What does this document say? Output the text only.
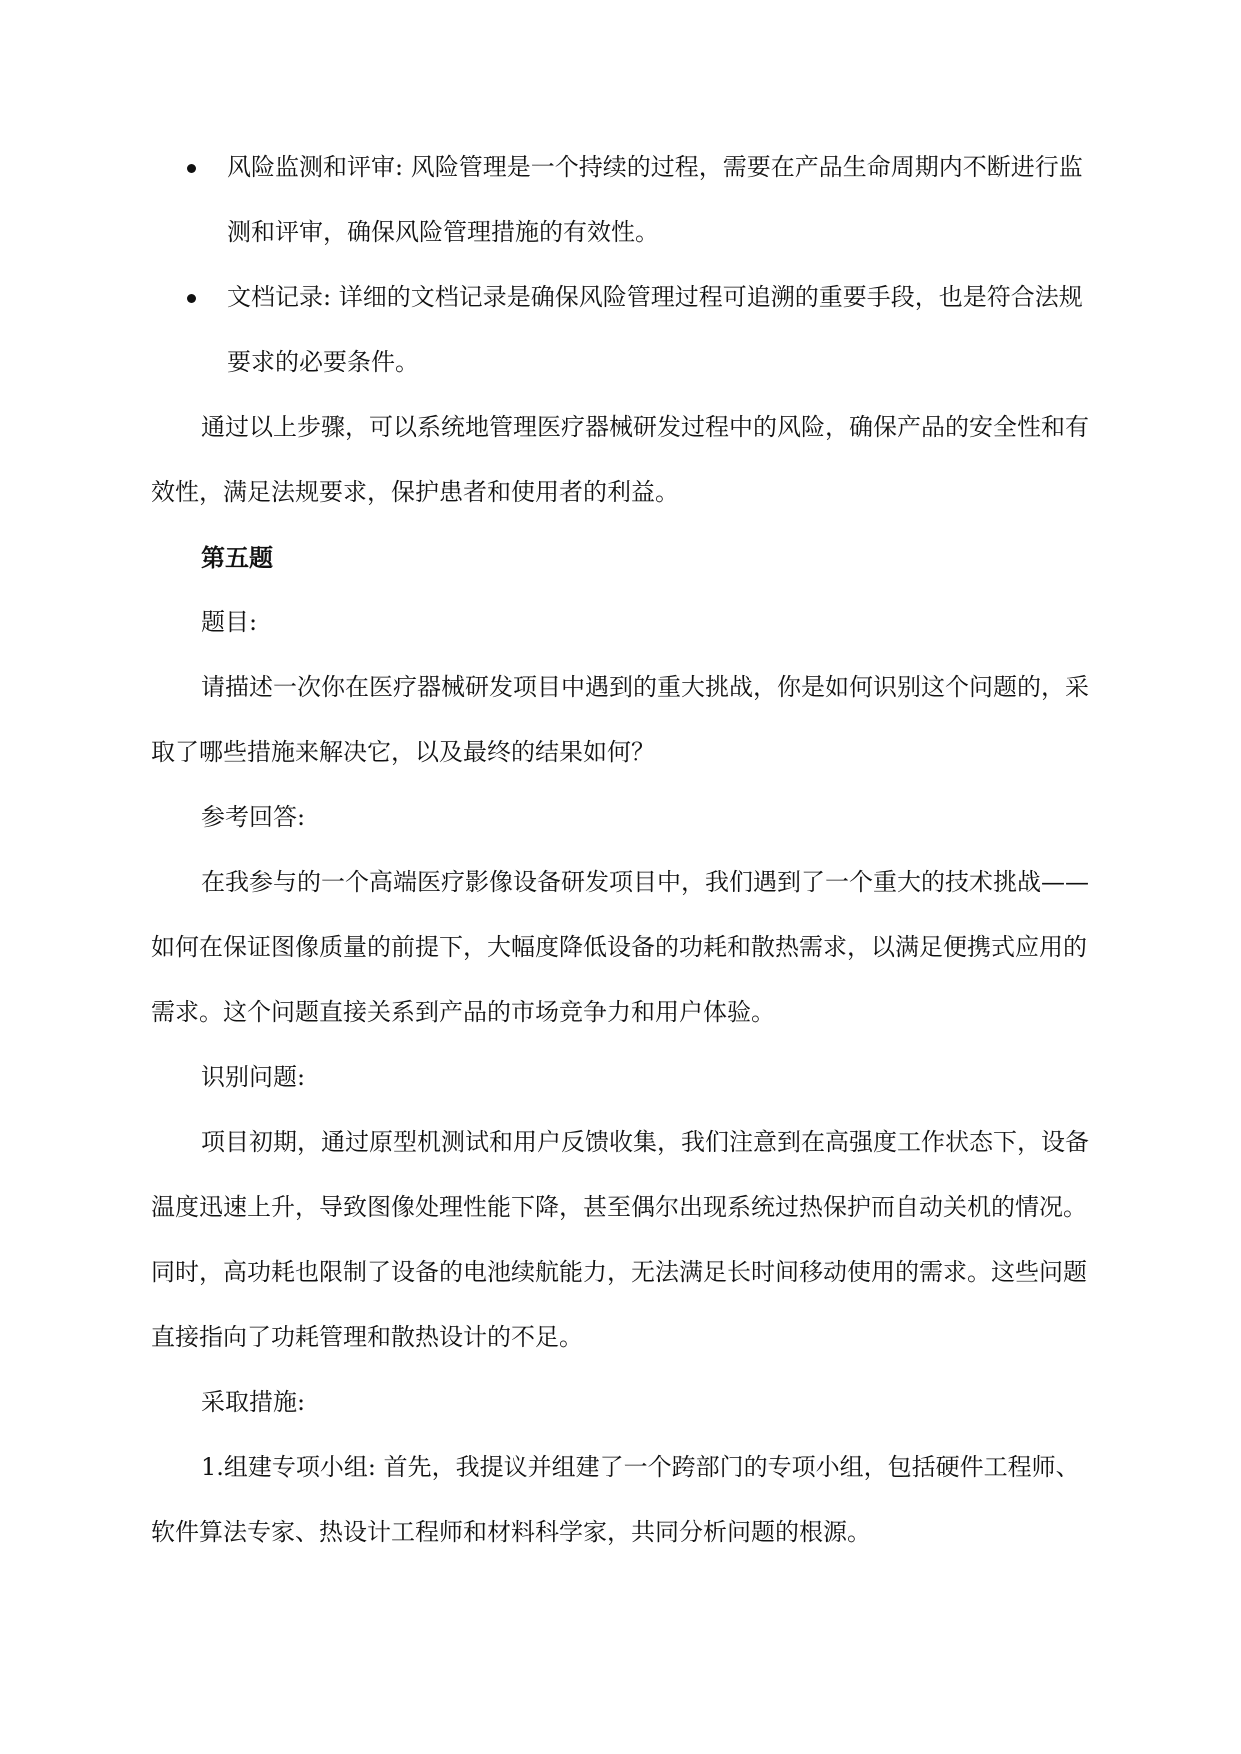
风险监测和评审: 风险管理是一个持续的过程，需要在产品生命周期内不断进行监测和评审，确保风险管理措施的有效性。
文档记录: 详细的文档记录是确保风险管理过程可追溯的重要手段，也是符合法规要求的必要条件。

通过以上步骤，可以系统地管理医疗器械研发过程中的风险，确保产品的安全性和有效性，满足法规要求，保护患者和使用者的利益。

第五题

题目:

请描述一次你在医疗器械研发项目中遇到的重大挑战，你是如何识别这个问题的，采取了哪些措施来解决它，以及最终的结果如何？

参考回答:

在我参与的一个高端医疗影像设备研发项目中，我们遇到了一个重大的技术挑战——如何在保证图像质量的前提下，大幅度降低设备的功耗和散热需求，以满足便携式应用的需求。这个问题直接关系到产品的市场竞争力和用户体验。

识别问题:

项目初期，通过原型机测试和用户反馈收集，我们注意到在高强度工作状态下，设备温度迅速上升，导致图像处理性能下降，甚至偶尔出现系统过热保护而自动关机的情况。同时，高功耗也限制了设备的电池续航能力，无法满足长时间移动使用的需求。这些问题直接指向了功耗管理和散热设计的不足。

采取措施:

1.组建专项小组: 首先，我提议并组建了一个跨部门的专项小组，包括硬件工程师、软件算法专家、热设计工程师和材料科学家，共同分析问题的根源。
